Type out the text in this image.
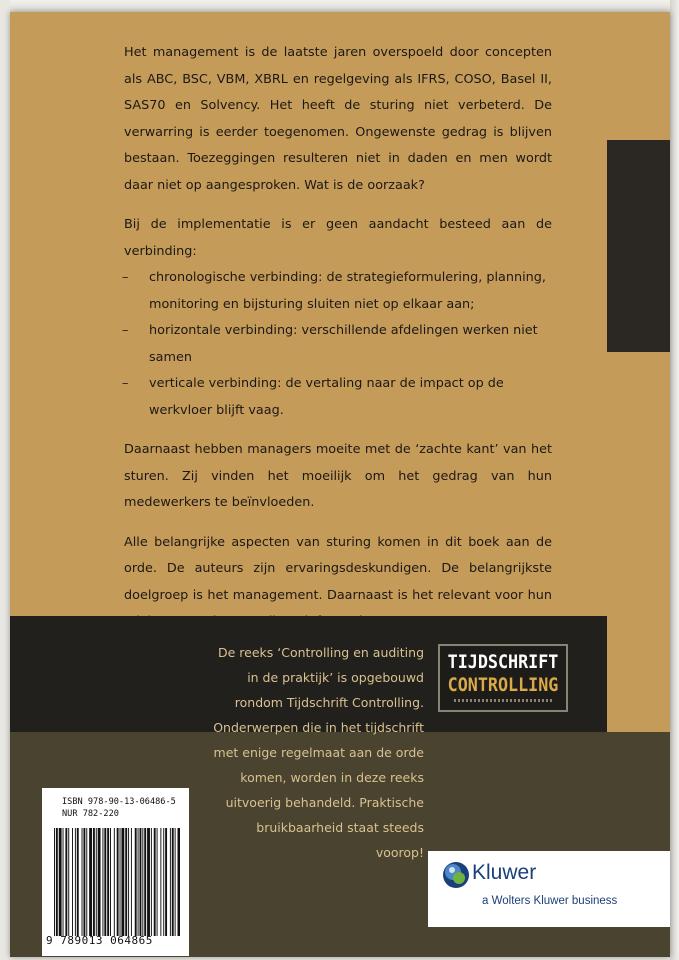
Het management is de laatste jaren overspoeld door concepten als ABC, BSC, VBM, XBRL en regelgeving als IFRS, COSO, Basel II, SAS70 en Solvency. Het heeft de sturing niet verbeterd. De verwarring is eerder toegenomen. Ongewenste gedrag is blijven bestaan. Toezeggingen resulteren niet in daden en men wordt daar niet op aangesproken. Wat is de oorzaak?

Bij de implementatie is er geen aandacht besteed aan de verbinding:

– chronologische verbinding: de strategieformulering, planning, monitoring en bijsturing sluiten niet op elkaar aan;
– horizontale verbinding: verschillende afdelingen werken niet samen
– verticale verbinding: de vertaling naar de impact op de werkvloer blijft vaag.

Daarnaast hebben managers moeite met de ‘zachte kant’ van het sturen. Zij vinden het moeilijk om het gedrag van hun medewerkers te beïnvloeden.

Alle belangrijke aspecten van sturing komen in dit boek aan de orde. De auteurs zijn ervaringsdeskundigen. De belangrijkste doelgroep is het management. Daarnaast is het relevant voor hun

De reeks ‘Controlling en auditing
in de praktijk’ is opgebouwd
rondom Tijdschrift Controlling.
Onderwerpen die in het tijdschrift
met enige regelmaat aan de orde
komen, worden in deze reeks
uitvoerig behandeld. Praktische
bruikbaarheid staat steeds voorop!
TIJDSCHRIFT
CONTROLLING
ISBN 978-90-13-06486-5
NUR 782-220
9 789013 064865
Kluwer
a Wolters Kluwer business
